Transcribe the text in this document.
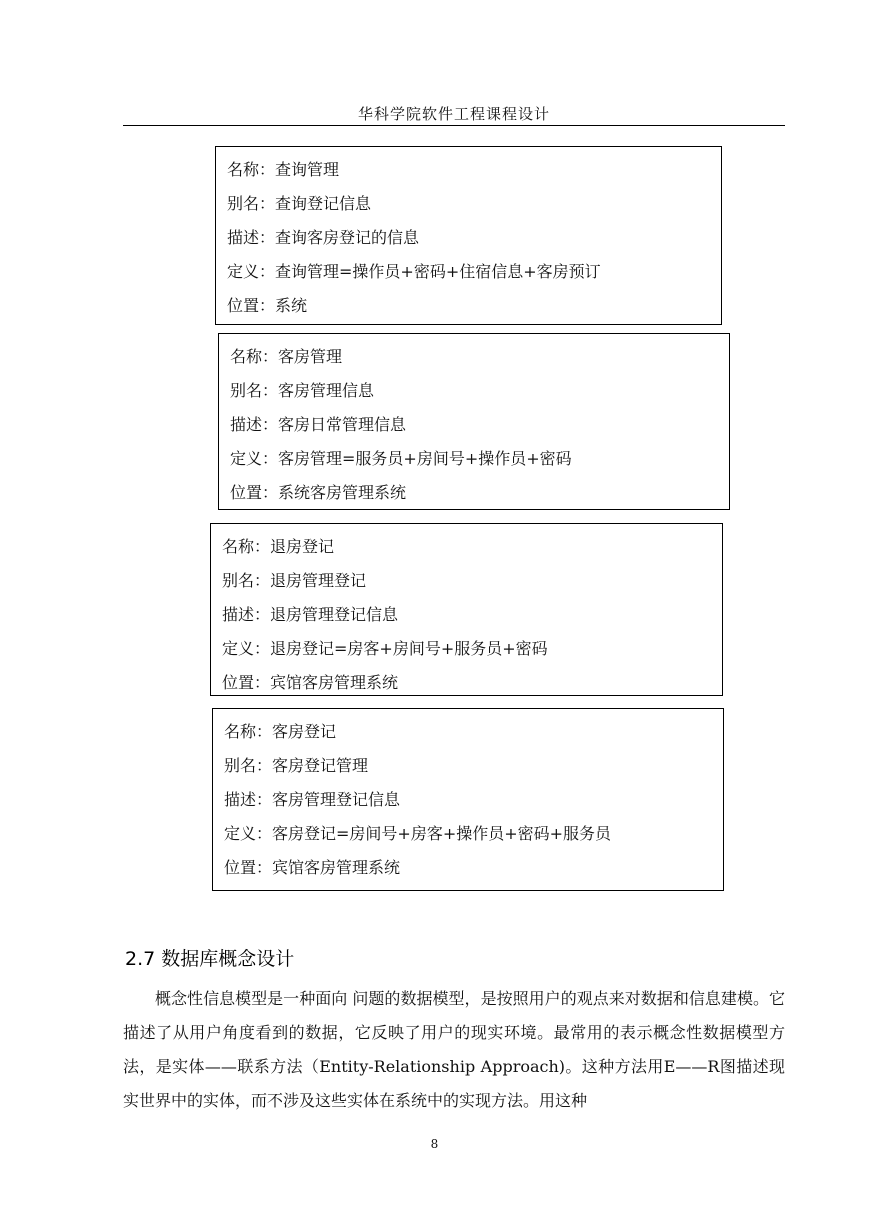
华科学院软件工程课程设计
名称：查询管理
别名：查询登记信息
描述：查询客房登记的信息
定义：查询管理=操作员+密码+住宿信息+客房预订
位置：系统
名称：客房管理
别名：客房管理信息
描述：客房日常管理信息
定义：客房管理=服务员+房间号+操作员+密码
位置：系统客房管理系统
名称：退房登记
别名：退房管理登记
描述：退房管理登记信息
定义：退房登记=房客+房间号+服务员+密码
位置：宾馆客房管理系统
名称：客房登记
别名：客房登记管理
描述：客房管理登记信息
定义：客房登记=房间号+房客+操作员+密码+服务员
位置：宾馆客房管理系统
2.7 数据库概念设计

概念性信息模型是一种面向 问题的数据模型，是按照用户的观点来对数据和信息建模。它描述了从用户角度看到的数据，它反映了用户的现实环境。最常用的表示概念性数据模型方法，是实体——联系方法（Entity-Relationship Approach)。这种方法用E——R图描述现实世界中的实体，而不涉及这些实体在系统中的实现方法。用这种

8
